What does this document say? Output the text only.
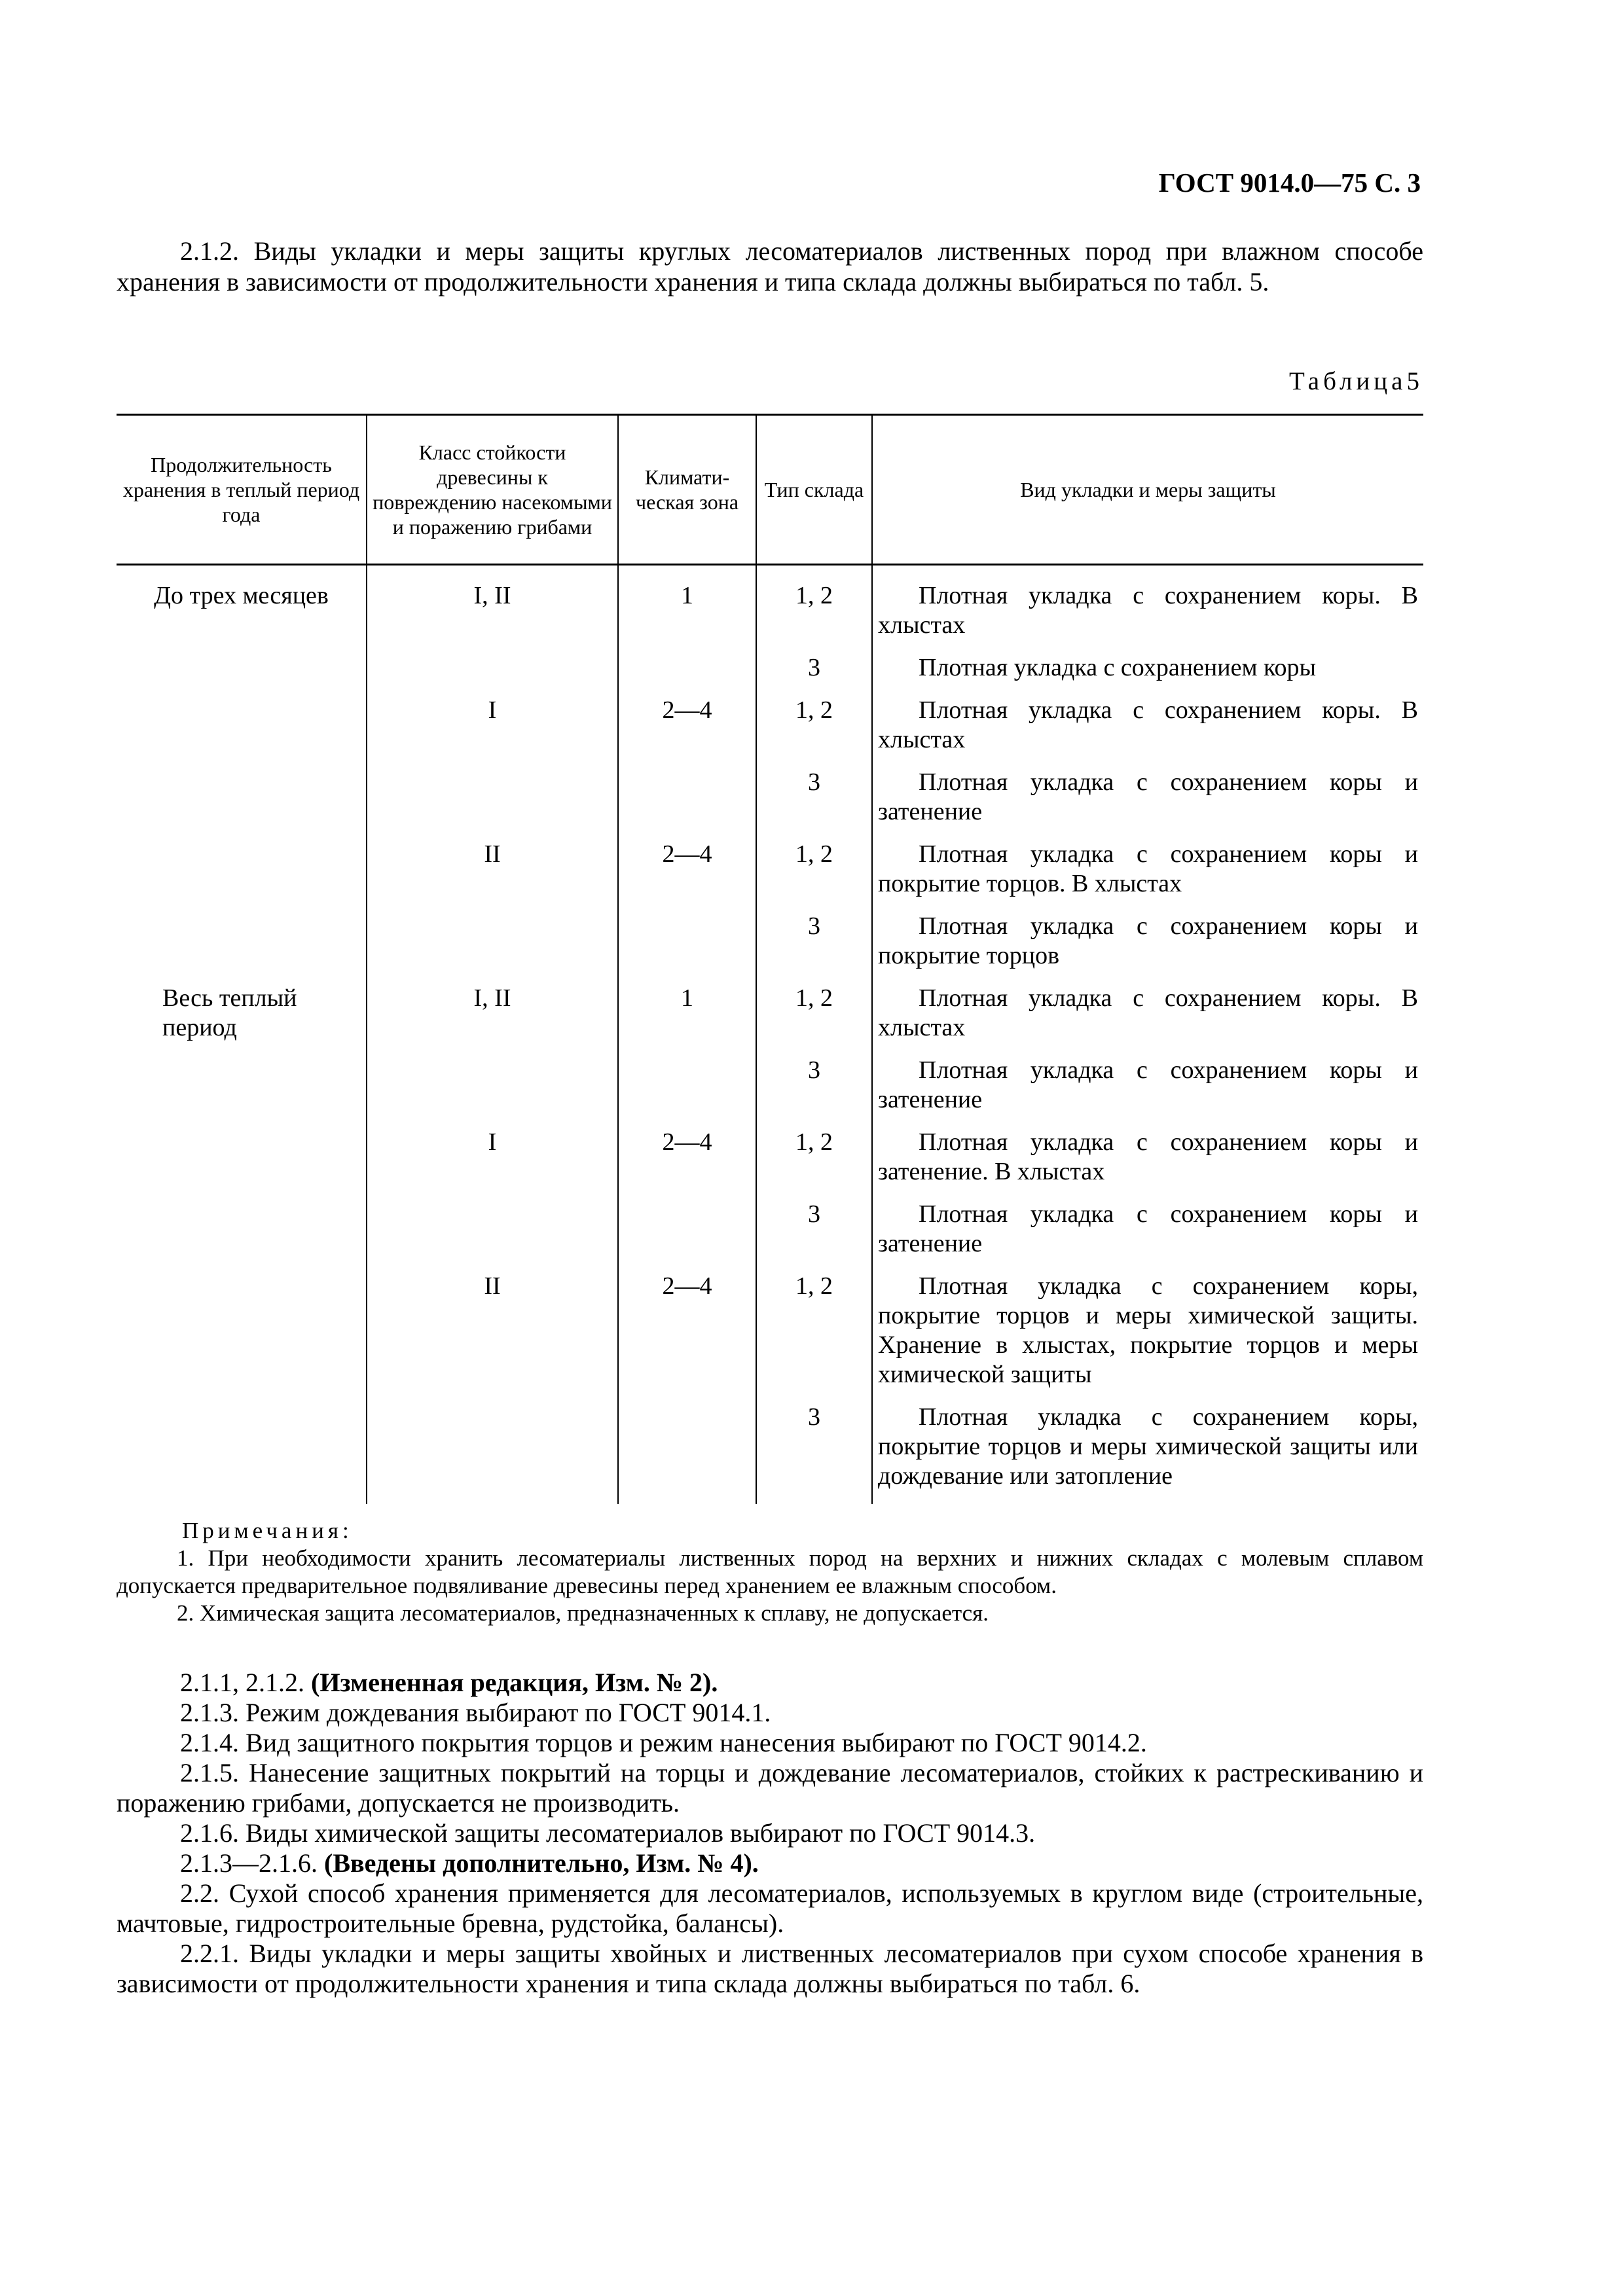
ГОСТ 9014.0—75 С. 3
2.1.2. Виды укладки и меры защиты круглых лесоматериалов лиственных пород при влажном способе хранения в зависимости от продолжительности хранения и типа склада должны выбираться по табл. 5.
Таблица5
Продолжительность хранения в теплый период года	Класс стойкости древесины к повреждению насекомыми и поражению грибами	Климати-ческая зона	Тип склада	Вид укладки и меры защиты
До трех месяцев	I, II	1	1, 2	Плотная укладка с сохранением коры. В хлыстах
			3	Плотная укладка с сохранением коры
	I	2—4	1, 2	Плотная укладка с сохранением коры. В хлыстах
			3	Плотная укладка с сохранением коры и затенение
	II	2—4	1, 2	Плотная укладка с сохранением коры и покрытие торцов. В хлыстах
			3	Плотная укладка с сохранением коры и покрытие торцов
Весь теплый период	I, II	1	1, 2	Плотная укладка с сохранением коры. В хлыстах
			3	Плотная укладка с сохранением коры и затенение
	I	2—4	1, 2	Плотная укладка с сохранением коры и затенение. В хлыстах
			3	Плотная укладка с сохранением коры и затенение
	II	2—4	1, 2	Плотная укладка с сохранением коры, покрытие торцов и меры химической защиты. Хранение в хлыстах, покрытие торцов и меры химической защиты
			3	Плотная укладка с сохранением коры, покрытие торцов и меры химической защиты или дождевание или затопление
Примечания:
1. При необходимости хранить лесоматериалы лиственных пород на верхних и нижних складах с молевым сплавом допускается предварительное подвяливание древесины перед хранением ее влажным способом.
2. Химическая защита лесоматериалов, предназначенных к сплаву, не допускается.

2.1.1, 2.1.2. (Измененная редакция, Изм. № 2).

2.1.3. Режим дождевания выбирают по ГОСТ 9014.1.

2.1.4. Вид защитного покрытия торцов и режим нанесения выбирают по ГОСТ 9014.2.

2.1.5. Нанесение защитных покрытий на торцы и дождевание лесоматериалов, стойких к растрескиванию и поражению грибами, допускается не производить.

2.1.6. Виды химической защиты лесоматериалов выбирают по ГОСТ 9014.3.

2.1.3—2.1.6. (Введены дополнительно, Изм. № 4).

2.2. Сухой способ хранения применяется для лесоматериалов, используемых в круглом виде (строительные, мачтовые, гидростроительные бревна, рудстойка, балансы).

2.2.1. Виды укладки и меры защиты хвойных и лиственных лесоматериалов при сухом способе хранения в зависимости от продолжительности хранения и типа склада должны выбираться по табл. 6.
